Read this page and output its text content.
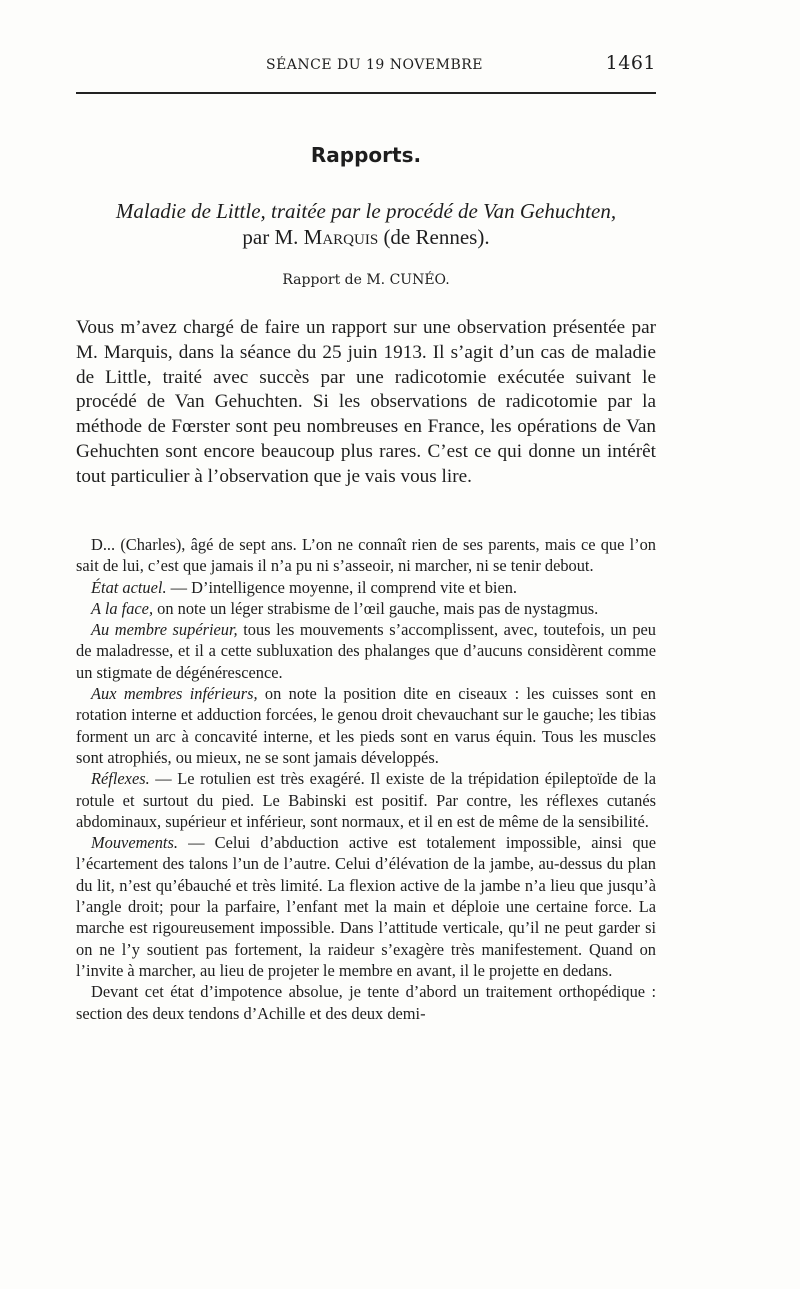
SÉANCE DU 19 NOVEMBRE	1461
Rapports.
Maladie de Little, traitée par le procédé de Van Gehuchten,
par M. Marquis (de Rennes).
Rapport de M. CUNÉO.

Vous m’avez chargé de faire un rapport sur une observation présentée par M. Marquis, dans la séance du 25 juin 1913. Il s’agit d’un cas de maladie de Little, traité avec succès par une radicotomie exécutée suivant le procédé de Van Gehuchten. Si les observations de radicotomie par la méthode de Fœrster sont peu nombreuses en France, les opérations de Van Gehuchten sont encore beaucoup plus rares. C’est ce qui donne un intérêt tout particulier à l’observation que je vais vous lire.

D... (Charles), âgé de sept ans. L’on ne connaît rien de ses parents, mais ce que l’on sait de lui, c’est que jamais il n’a pu ni s’asseoir, ni marcher, ni se tenir debout.

État actuel. — D’intelligence moyenne, il comprend vite et bien.

A la face, on note un léger strabisme de l’œil gauche, mais pas de nystagmus.

Au membre supérieur, tous les mouvements s’accomplissent, avec, toutefois, un peu de maladresse, et il a cette subluxation des phalanges que d’aucuns considèrent comme un stigmate de dégénérescence.

Aux membres inférieurs, on note la position dite en ciseaux : les cuisses sont en rotation interne et adduction forcées, le genou droit chevauchant sur le gauche; les tibias forment un arc à concavité interne, et les pieds sont en varus équin. Tous les muscles sont atrophiés, ou mieux, ne se sont jamais développés.

Réflexes. — Le rotulien est très exagéré. Il existe de la trépidation épileptoïde de la rotule et surtout du pied. Le Babinski est positif. Par contre, les réflexes cutanés abdominaux, supérieur et inférieur, sont normaux, et il en est de même de la sensibilité.

Mouvements. — Celui d’abduction active est totalement impossible, ainsi que l’écartement des talons l’un de l’autre. Celui d’élévation de la jambe, au-dessus du plan du lit, n’est qu’ébauché et très limité. La flexion active de la jambe n’a lieu que jusqu’à l’angle droit; pour la parfaire, l’enfant met la main et déploie une certaine force. La marche est rigoureusement impossible. Dans l’attitude verticale, qu’il ne peut garder si on ne l’y soutient pas fortement, la raideur s’exagère très manifestement. Quand on l’invite à marcher, au lieu de projeter le membre en avant, il le projette en dedans.

Devant cet état d’impotence absolue, je tente d’abord un traitement orthopédique : section des deux tendons d’Achille et des deux demi-
